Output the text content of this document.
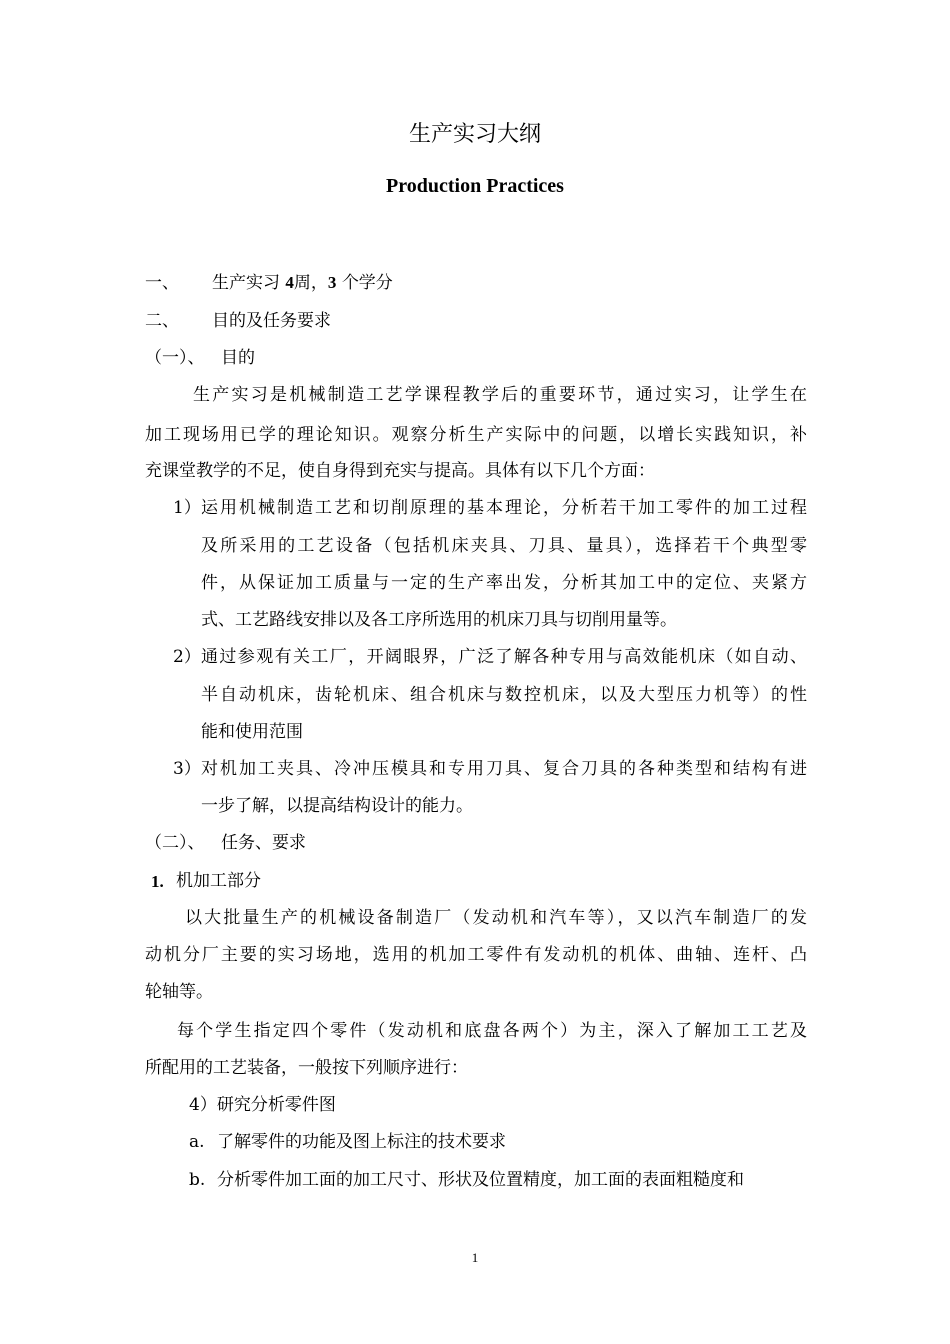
生产实习大纲
Production Practices
一、 生产实习 4周，3 个学分
二、 目的及任务要求
（一）、 目的
生产实习是机械制造工艺学课程教学后的重要环节，通过实习，让学生在
加工现场用已学的理论知识。观察分析生产实际中的问题，以增长实践知识，补
充课堂教学的不足，使自身得到充实与提高。具体有以下几个方面：
1） 运用机械制造工艺和切削原理的基本理论，分析若干加工零件的加工过程
及所采用的工艺设备（包括机床夹具、刀具、量具），选择若干个典型零
件，从保证加工质量与一定的生产率出发，分析其加工中的定位、夹紧方
式、工艺路线安排以及各工序所选用的机床刀具与切削用量等。
2） 通过参观有关工厂，开阔眼界，广泛了解各种专用与高效能机床（如自动、
半自动机床，齿轮机床、组合机床与数控机床，以及大型压力机等）的性
能和使用范围
3） 对机加工夹具、冷冲压模具和专用刀具、复合刀具的各种类型和结构有进
一步了解，以提高结构设计的能力。
（二）、 任务、要求
1. 机加工部分
以大批量生产的机械设备制造厂（发动机和汽车等），又以汽车制造厂的发
动机分厂主要的实习场地，选用的机加工零件有发动机的机体、曲轴、连杆、凸
轮轴等。
每个学生指定四个零件（发动机和底盘各两个）为主，深入了解加工工艺及
所配用的工艺装备，一般按下列顺序进行：
4）研究分析零件图
a. 了解零件的功能及图上标注的技术要求
b. 分析零件加工面的加工尺寸、形状及位置精度，加工面的表面粗糙度和
1
